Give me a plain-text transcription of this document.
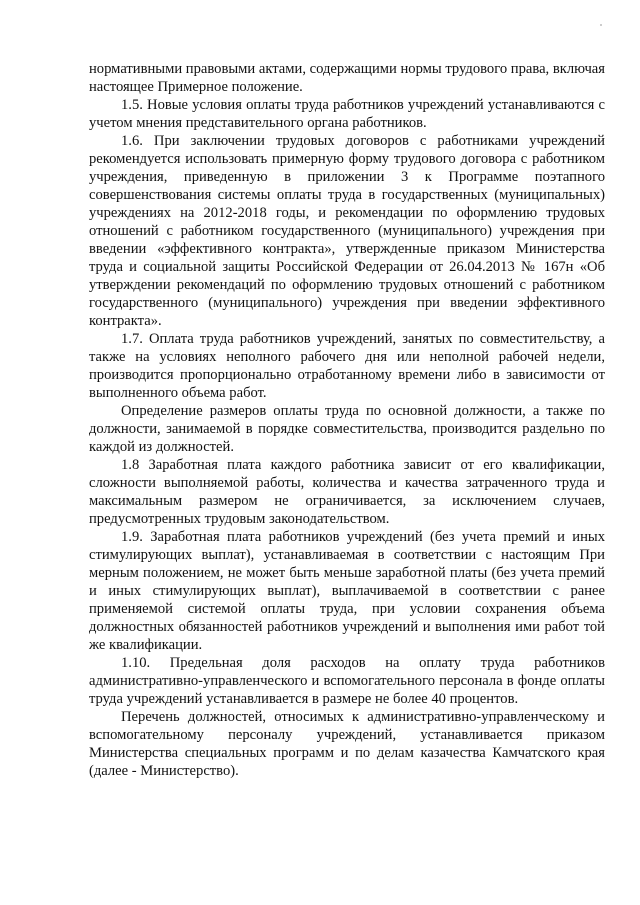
нормативными правовыми актами, содержащими нормы трудового права, включая настоящее Примерное положение.

1.5. Новые условия оплаты труда работников учреждений устанавливаются с учетом мнения представительного органа работников.

1.6. При заключении трудовых договоров с работниками учреждений рекомендуется использовать примерную форму трудового договора с работником учреждения, приведенную в приложении 3 к Программе поэтапного совершенствования системы оплаты труда в государственных (муниципальных) учреждениях на 2012-2018 годы, и рекомендации по оформлению трудовых отношений с работником государственного (муниципального) учреждения при введении «эффективного контракта», утвержденные приказом Министерства труда и социальной защиты Российской Федерации от 26.04.2013 № 167н «Об утверждении рекомендаций по оформлению трудовых отношений с работником государственного (муниципального) учреждения при введении эффективного контракта».

1.7. Оплата труда работников учреждений, занятых по совместительству, а также на условиях неполного рабочего дня или неполной рабочей недели, производится пропорционально отработанному времени либо в зависимости от выполненного объема работ.

Определение размеров оплаты труда по основной должности, а также по должности, занимаемой в порядке совместительства, производится раздельно по каждой из должностей.

1.8 Заработная плата каждого работника зависит от его квалификации, сложности выполняемой работы, количества и качества затраченного труда и максимальным размером не ограничивается, за исключением случаев, предусмотренных трудовым законодательством.

1.9. Заработная плата работников учреждений (без учета премий и иных стимулирующих выплат), устанавливаемая в соответствии с настоящим При мерным положением, не может быть меньше заработной платы (без учета премий и иных стимулирующих выплат), выплачиваемой в соответствии с ранее применяемой системой оплаты труда, при условии сохранения объема должностных обязанностей работников учреждений и выполнения ими работ той же квалификации.

1.10. Предельная доля расходов на оплату труда работников административно-управленческого и вспомогательного персонала в фонде оплаты труда учреждений устанавливается в размере не более 40 процентов.

Перечень должностей, относимых к административно-управленческому и вспомогательному персоналу учреждений, устанавливается приказом Министерства специальных программ и по делам казачества Камчатского края (далее - Министерство).
